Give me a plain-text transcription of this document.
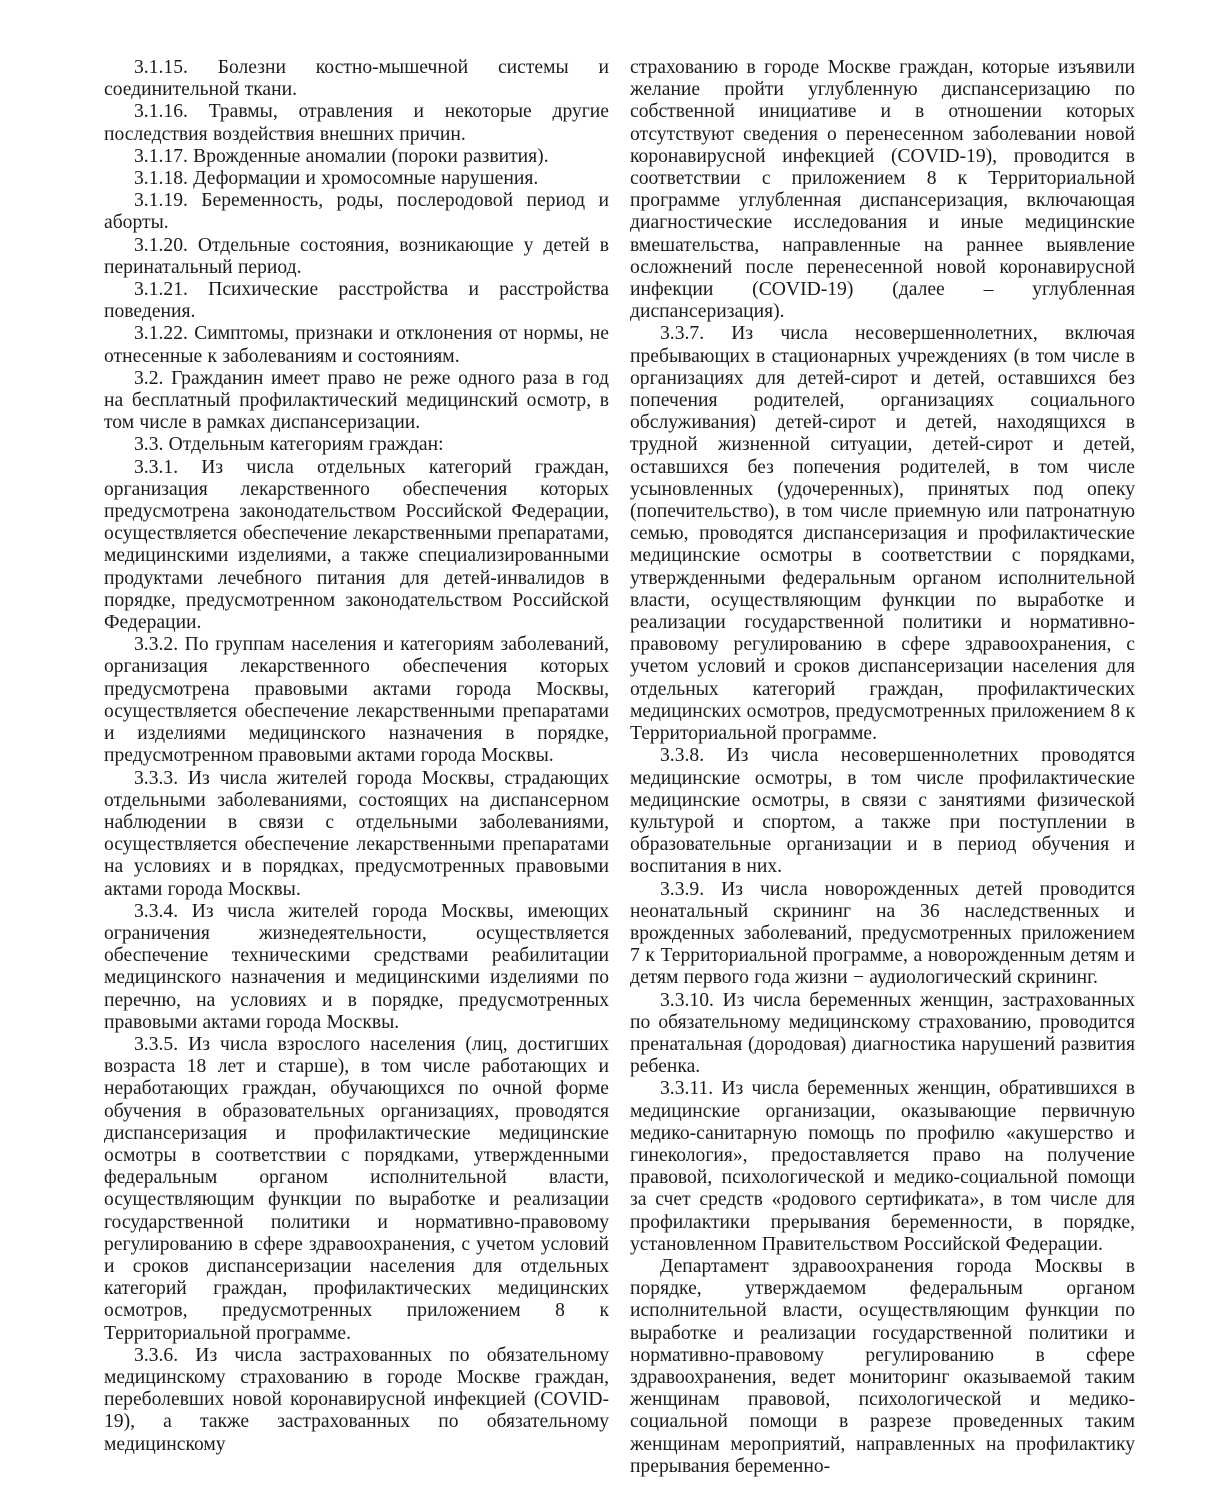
3.1.15. Болезни костно-мышечной системы и соединительной ткани.

3.1.16. Травмы, отравления и некоторые другие последствия воздействия внешних причин.

3.1.17. Врожденные аномалии (пороки развития).

3.1.18. Деформации и хромосомные нарушения.

3.1.19. Беременность, роды, послеродовой период и аборты.

3.1.20. Отдельные состояния, возникающие у детей в перинатальный период.

3.1.21. Психические расстройства и расстройства поведения.

3.1.22. Симптомы, признаки и отклонения от нормы, не отнесенные к заболеваниям и состояниям.

3.2. Гражданин имеет право не реже одного раза в год на бесплатный профилактический медицинский осмотр, в том числе в рамках диспансеризации.

3.3. Отдельным категориям граждан:

3.3.1. Из числа отдельных категорий граждан, организация лекарственного обеспечения которых предусмотрена законодательством Российской Федерации, осуществляется обеспечение лекарственными препаратами, медицинскими изделиями, а также специализированными продуктами лечебного питания для детей-инвалидов в порядке, предусмотренном законодательством Российской Федерации.

3.3.2. По группам населения и категориям заболеваний, организация лекарственного обеспечения которых предусмотрена правовыми актами города Москвы, осуществляется обеспечение лекарственными препаратами и изделиями медицинского назначения в порядке, предусмотренном правовыми актами города Москвы.

3.3.3. Из числа жителей города Москвы, страдающих отдельными заболеваниями, состоящих на диспансерном наблюдении в связи с отдельными заболеваниями, осуществляется обеспечение лекарственными препаратами на условиях и в порядках, предусмотренных правовыми актами города Москвы.

3.3.4. Из числа жителей города Москвы, имеющих ограничения жизнедеятельности, осуществляется обеспечение техническими средствами реабилитации медицинского назначения и медицинскими изделиями по перечню, на условиях и в порядке, предусмотренных правовыми актами города Москвы.

3.3.5. Из числа взрослого населения (лиц, достигших возраста 18 лет и старше), в том числе работающих и неработающих граждан, обучающихся по очной форме обучения в образовательных организациях, проводятся диспансеризация и профилактические медицинские осмотры в соответствии с порядками, утвержденными федеральным органом исполнительной власти, осуществляющим функции по выработке и реализации государственной политики и нормативно-правовому регулированию в сфере здравоохранения, с учетом условий и сроков диспансеризации населения для отдельных категорий граждан, профилактических медицинских осмотров, предусмотренных приложением 8 к Территориальной программе.

3.3.6. Из числа застрахованных по обязательному медицинскому страхованию в городе Москве граждан, переболевших новой коронавирусной инфекцией (COVID-19), а также застрахованных по обязательному медицинскому

страхованию в городе Москве граждан, которые изъявили желание пройти углубленную диспансеризацию по собственной инициативе и в отношении которых отсутствуют сведения о перенесенном заболевании новой коронавирусной инфекцией (COVID-19), проводится в соответствии с приложением 8 к Территориальной программе углубленная диспансеризация, включающая диагностические исследования и иные медицинские вмешательства, направленные на раннее выявление осложнений после перенесенной новой коронавирусной инфекции (COVID-19) (далее – углубленная диспансеризация).

3.3.7. Из числа несовершеннолетних, включая пребывающих в стационарных учреждениях (в том числе в организациях для детей-сирот и детей, оставшихся без попечения родителей, организациях социального обслуживания) детей-сирот и детей, находящихся в трудной жизненной ситуации, детей-сирот и детей, оставшихся без попечения родителей, в том числе усыновленных (удочеренных), принятых под опеку (попечительство), в том числе приемную или патронатную семью, проводятся диспансеризация и профилактические медицинские осмотры в соответствии с порядками, утвержденными федеральным органом исполнительной власти, осуществляющим функции по выработке и реализации государственной политики и нормативно-правовому регулированию в сфере здравоохранения, с учетом условий и сроков диспансеризации населения для отдельных категорий граждан, профилактических медицинских осмотров, предусмотренных приложением 8 к Территориальной программе.

3.3.8. Из числа несовершеннолетних проводятся медицинские осмотры, в том числе профилактические медицинские осмотры, в связи с занятиями физической культурой и спортом, а также при поступлении в образовательные организации и в период обучения и воспитания в них.

3.3.9. Из числа новорожденных детей проводится неонатальный скрининг на 36 наследственных и врожденных заболеваний, предусмотренных приложением 7 к Территориальной программе, а новорожденным детям и детям первого года жизни − аудиологический скрининг.

3.3.10. Из числа беременных женщин, застрахованных по обязательному медицинскому страхованию, проводится пренатальная (дородовая) диагностика нарушений развития ребенка.

3.3.11. Из числа беременных женщин, обратившихся в медицинские организации, оказывающие первичную медико-санитарную помощь по профилю «акушерство и гинекология», предоставляется право на получение правовой, психологической и медико-социальной помощи за счет средств «родового сертификата», в том числе для профилактики прерывания беременности, в порядке, установленном Правительством Российской Федерации.

Департамент здравоохранения города Москвы в порядке, утверждаемом федеральным органом исполнительной власти, осуществляющим функции по выработке и реализации государственной политики и нормативно-правовому регулированию в сфере здравоохранения, ведет мониторинг оказываемой таким женщинам правовой, психологической и медико-социальной помощи в разрезе проведенных таким женщинам мероприятий, направленных на профилактику прерывания беременно-
